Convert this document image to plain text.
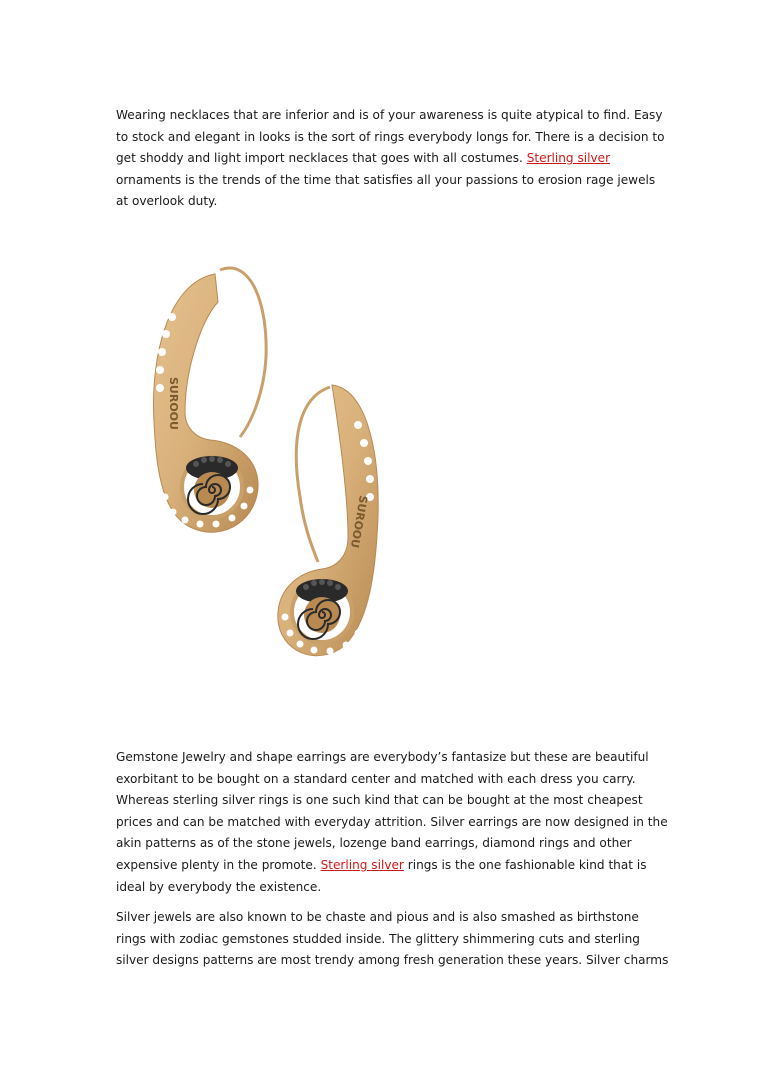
Wearing necklaces that are inferior and is of your awareness is quite atypical to find. Easy
to stock and elegant in looks is the sort of rings everybody longs for. There is a decision to
get shoddy and light import necklaces that goes with all costumes. Sterling silver
ornaments is the trends of the time that satisfies all your passions to erosion rage jewels
at overlook duty.

SUROOU
SUROOU

Gemstone Jewelry and shape earrings are everybody’s fantasize but these are beautiful
exorbitant to be bought on a standard center and matched with each dress you carry.
Whereas sterling silver rings is one such kind that can be bought at the most cheapest
prices and can be matched with everyday attrition. Silver earrings are now designed in the
akin patterns as of the stone jewels, lozenge band earrings, diamond rings and other
expensive plenty in the promote. Sterling silver rings is the one fashionable kind that is
ideal by everybody the existence.

Silver jewels are also known to be chaste and pious and is also smashed as birthstone
rings with zodiac gemstones studded inside. The glittery shimmering cuts and sterling
silver designs patterns are most trendy among fresh generation these years. Silver charms
